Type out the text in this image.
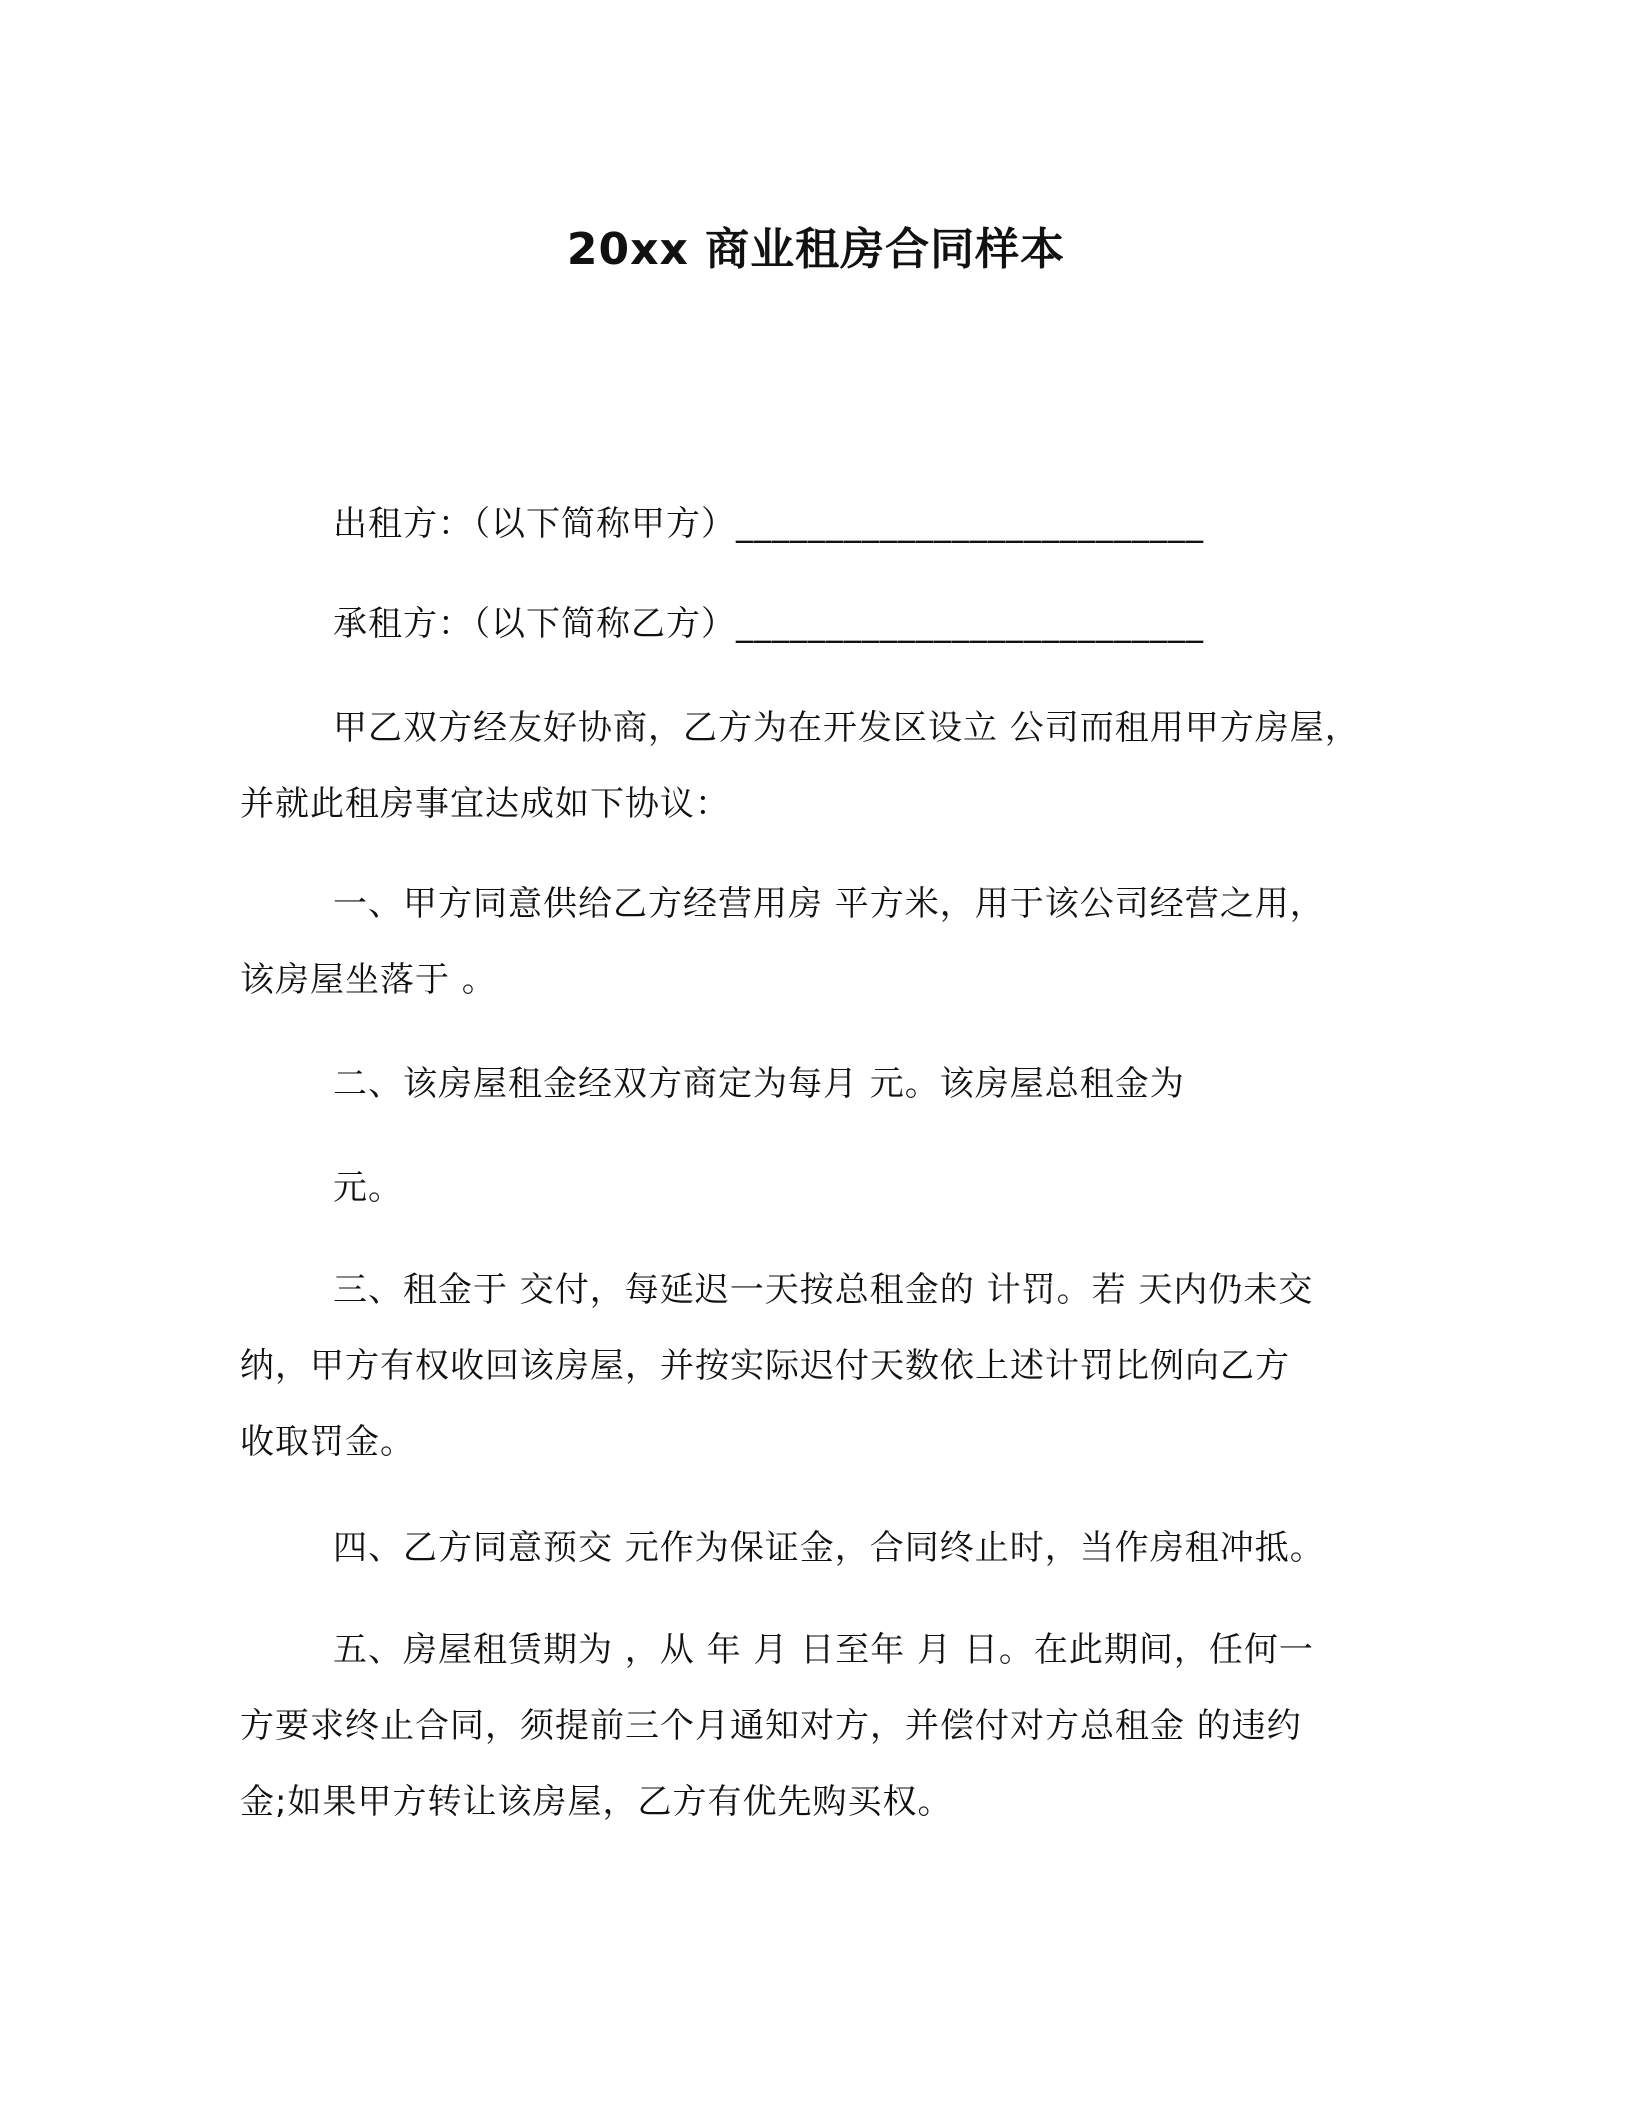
20xx 商业租房合同样本
出租方：（以下简称甲方）__________________________
承租方：（以下简称乙方）__________________________
甲乙双方经友好协商，乙方为在开发区设立 公司而租用甲方房屋，
并就此租房事宜达成如下协议：
一、甲方同意供给乙方经营用房 平方米，用于该公司经营之用，
该房屋坐落于 。
二、该房屋租金经双方商定为每月 元。该房屋总租金为
元。
三、租金于 交付，每延迟一天按总租金的 计罚。若 天内仍未交
纳，甲方有权收回该房屋，并按实际迟付天数依上述计罚比例向乙方
收取罚金。
四、乙方同意预交 元作为保证金，合同终止时，当作房租冲抵。
五、房屋租赁期为 ，从 年 月 日至年 月 日。在此期间，任何一
方要求终止合同，须提前三个月通知对方，并偿付对方总租金 的违约
金;如果甲方转让该房屋，乙方有优先购买权。
